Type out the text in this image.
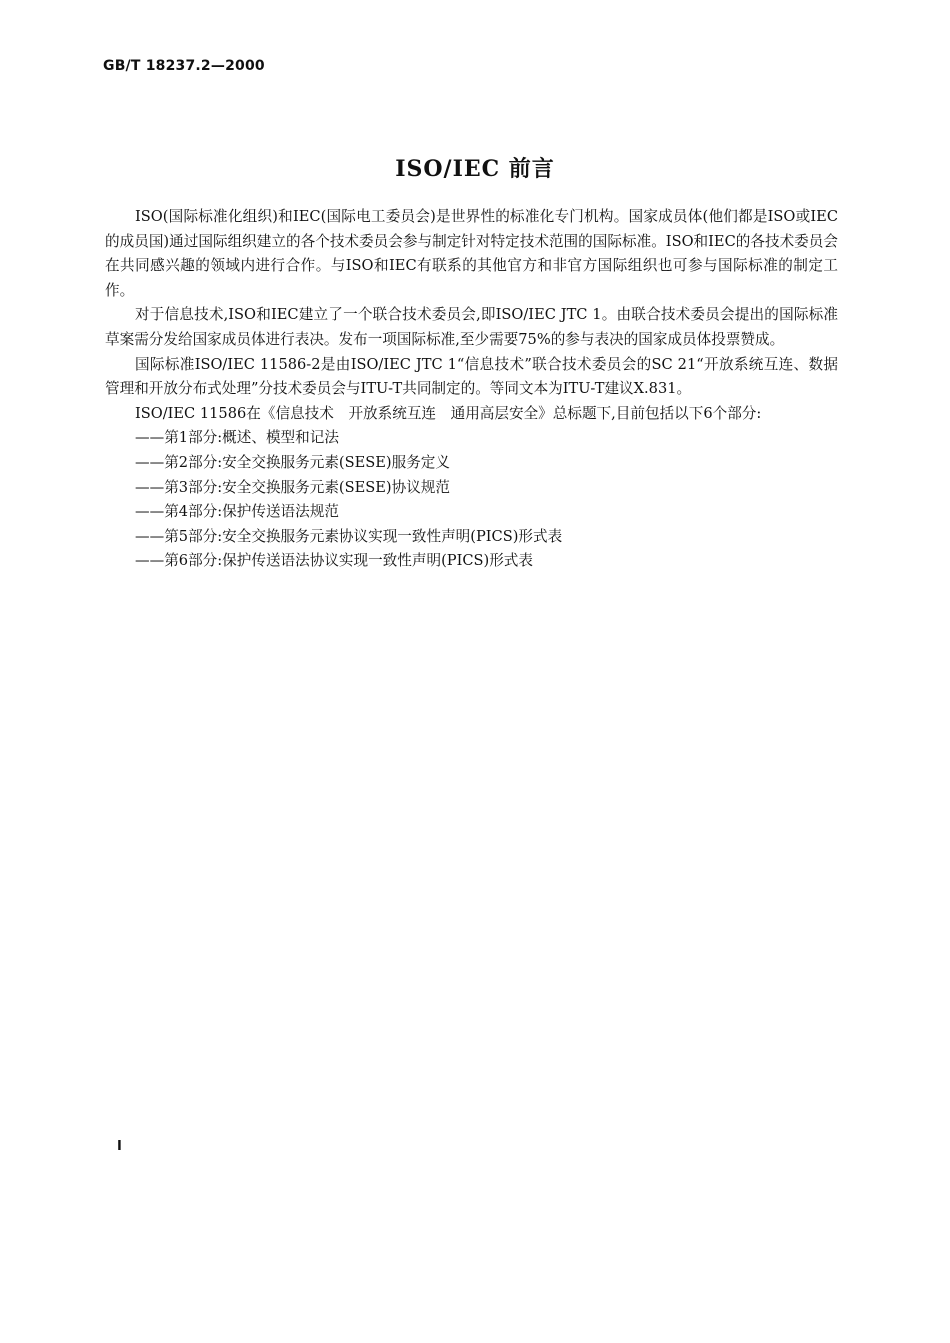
GB/T 18237.2—2000
ISO/IEC 前言

ISO(国际标准化组织)和IEC(国际电工委员会)是世界性的标准化专门机构。国家成员体(他们都是ISO或IEC的成员国)通过国际组织建立的各个技术委员会参与制定针对特定技术范围的国际标准。ISO和IEC的各技术委员会在共同感兴趣的领域内进行合作。与ISO和IEC有联系的其他官方和非官方国际组织也可参与国际标准的制定工作。

对于信息技术,ISO和IEC建立了一个联合技术委员会,即ISO/IEC JTC 1。由联合技术委员会提出的国际标准草案需分发给国家成员体进行表决。发布一项国际标准,至少需要75%的参与表决的国家成员体投票赞成。

国际标准ISO/IEC 11586-2是由ISO/IEC JTC 1“信息技术”联合技术委员会的SC 21“开放系统互连、数据管理和开放分布式处理”分技术委员会与ITU-T共同制定的。等同文本为ITU-T建议X.831。

ISO/IEC 11586在《信息技术　开放系统互连　通用高层安全》总标题下,目前包括以下6个部分:

——第1部分:概述、模型和记法
——第2部分:安全交换服务元素(SESE)服务定义
——第3部分:安全交换服务元素(SESE)协议规范
——第4部分:保护传送语法规范
——第5部分:安全交换服务元素协议实现一致性声明(PICS)形式表
——第6部分:保护传送语法协议实现一致性声明(PICS)形式表
Ⅰ
